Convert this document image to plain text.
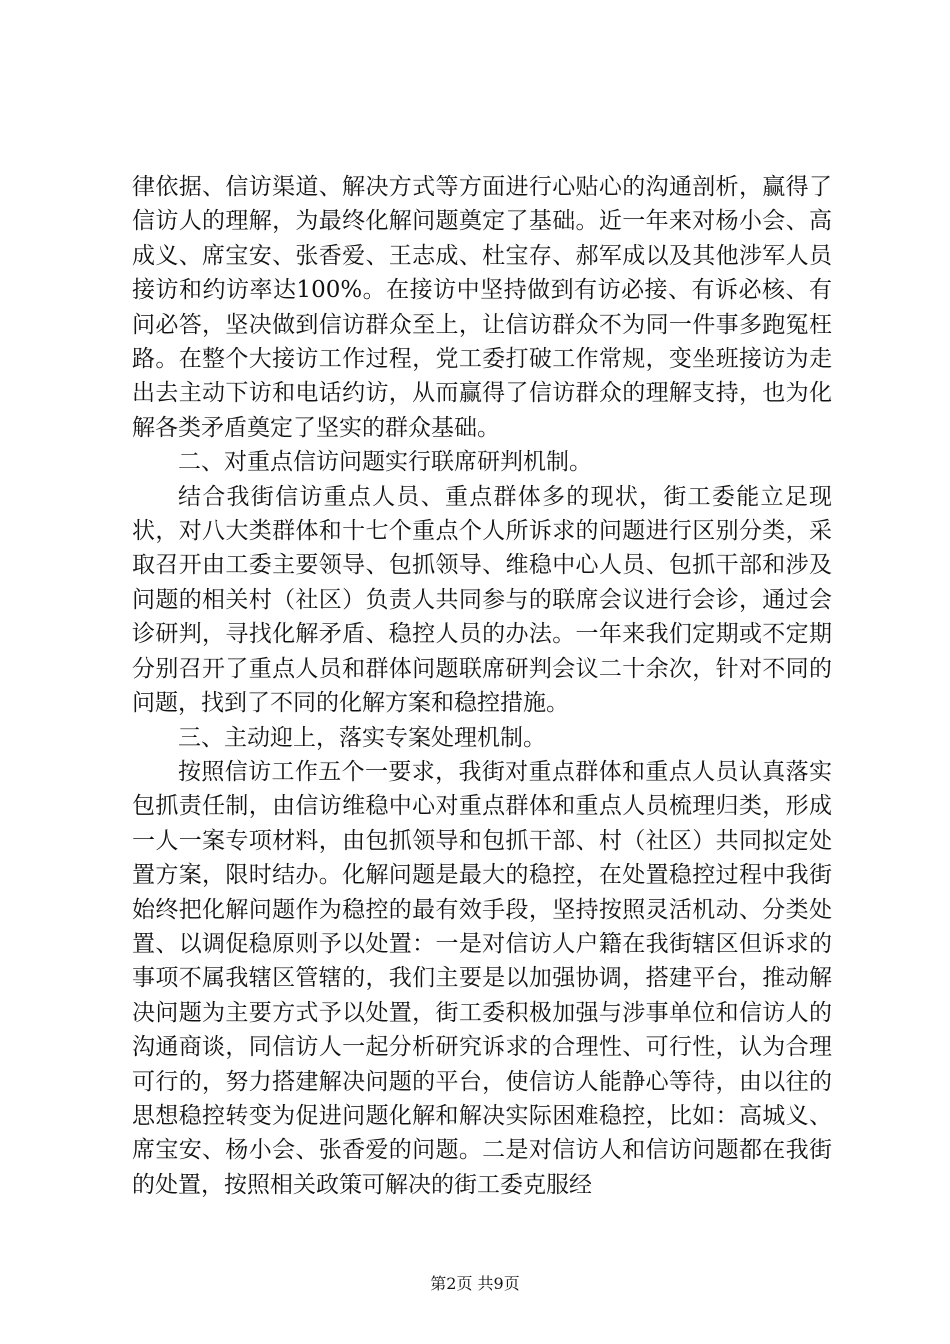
律依据、信访渠道、解决方式等方面进行心贴心的沟通剖析，赢得了信访人的理解，为最终化解问题奠定了基础。近一年来对杨小会、高成义、席宝安、张香爱、王志成、杜宝存、郝军成以及其他涉军人员接访和约访率达100%。在接访中坚持做到有访必接、有诉必核、有问必答，坚决做到信访群众至上，让信访群众不为同一件事多跑冤枉路。在整个大接访工作过程，党工委打破工作常规，变坐班接访为走出去主动下访和电话约访，从而赢得了信访群众的理解支持，也为化解各类矛盾奠定了坚实的群众基础。

二、对重点信访问题实行联席研判机制。

结合我街信访重点人员、重点群体多的现状，街工委能立足现状，对八大类群体和十七个重点个人所诉求的问题进行区别分类，采取召开由工委主要领导、包抓领导、维稳中心人员、包抓干部和涉及问题的相关村（社区）负责人共同参与的联席会议进行会诊，通过会诊研判，寻找化解矛盾、稳控人员的办法。一年来我们定期或不定期分别召开了重点人员和群体问题联席研判会议二十余次，针对不同的问题，找到了不同的化解方案和稳控措施。

三、主动迎上，落实专案处理机制。

按照信访工作五个一要求，我街对重点群体和重点人员认真落实包抓责任制，由信访维稳中心对重点群体和重点人员梳理归类，形成一人一案专项材料，由包抓领导和包抓干部、村（社区）共同拟定处置方案，限时结办。化解问题是最大的稳控，在处置稳控过程中我街始终把化解问题作为稳控的最有效手段，坚持按照灵活机动、分类处置、以调促稳原则予以处置：一是对信访人户籍在我街辖区但诉求的事项不属我辖区管辖的，我们主要是以加强协调，搭建平台，推动解决问题为主要方式予以处置，街工委积极加强与涉事单位和信访人的沟通商谈，同信访人一起分析研究诉求的合理性、可行性，认为合理可行的，努力搭建解决问题的平台，使信访人能静心等待，由以往的思想稳控转变为促进问题化解和解决实际困难稳控，比如：高城义、席宝安、杨小会、张香爱的问题。二是对信访人和信访问题都在我街的处置，按照相关政策可解决的街工委克服经

第2页 共9页
